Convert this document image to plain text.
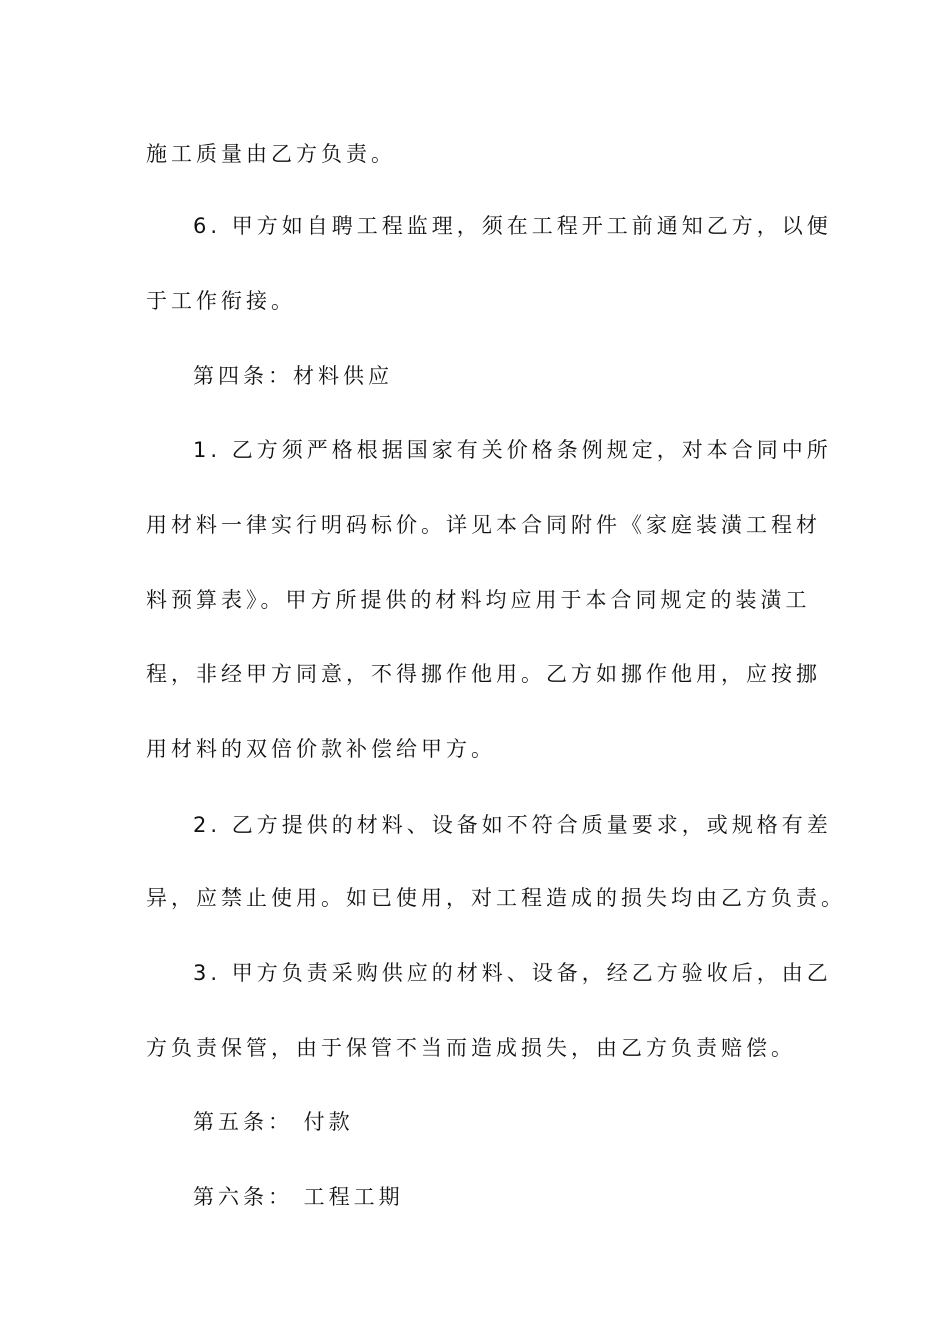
施工质量由乙方负责。
6. 甲方如自聘工程监理，须在工程开工前通知乙方，以便
于工作衔接。
第四条：材料供应
1. 乙方须严格根据国家有关价格条例规定，对本合同中所
用材料一律实行明码标价。详见本合同附件《家庭装潢工程材
料预算表》。甲方所提供的材料均应用于本合同规定的装潢工
程，非经甲方同意，不得挪作他用。乙方如挪作他用，应按挪
用材料的双倍价款补偿给甲方。
2. 乙方提供的材料、设备如不符合质量要求，或规格有差
异，应禁止使用。如已使用，对工程造成的损失均由乙方负责。
3. 甲方负责采购供应的材料、设备，经乙方验收后，由乙
方负责保管，由于保管不当而造成损失，由乙方负责赔偿。
第五条： 付款
第六条： 工程工期
